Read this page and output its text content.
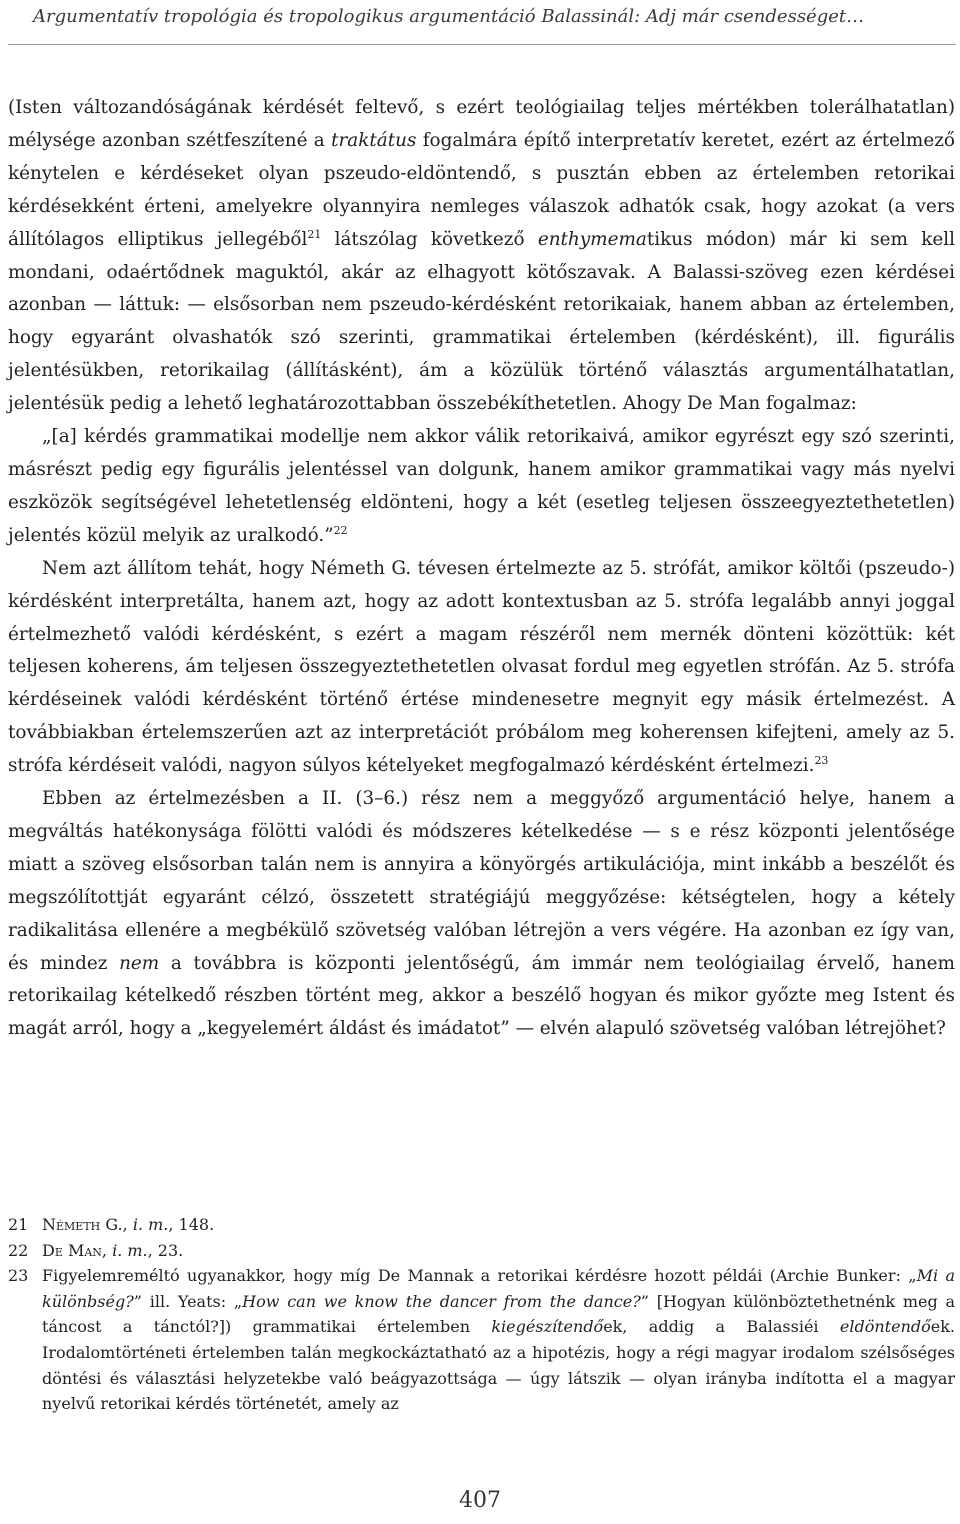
Argumentatív tropológia és tropologikus argumentáció Balassinál: Adj már csendességet…

(Isten változandóságának kérdését feltevő, s ezért teológiailag teljes mértékben tolerálhatatlan) mélysége azonban szétfeszítené a traktátus fogalmára építő interpretatív keretet, ezért az értelmező kénytelen e kérdéseket olyan pszeudo-eldöntendő, s pusztán ebben az értelemben retorikai kérdésekként érteni, amelyekre olyannyira nemleges válaszok adhatók csak, hogy azokat (a vers állítólagos elliptikus jellegéből$^{21}$ látszólag következő enthymematikus módon) már ki sem kell mondani, odaértődnek maguktól, akár az elhagyott kötőszavak. A Balassi-szöveg ezen kérdései azonban — láttuk: — elsősorban nem pszeudo-kérdésként retorikaiak, hanem abban az értelemben, hogy egyaránt olvashatók szó szerinti, grammatikai értelemben (kérdésként), ill. figurális jelentésükben, retorikailag (állításként), ám a közülük történő választás argumentálhatatlan, jelentésük pedig a lehető leghatározottabban összebékíthetetlen. Ahogy De Man fogalmaz:

„[a] kérdés grammatikai modellje nem akkor válik retorikaivá, amikor egyrészt egy szó szerinti, másrészt pedig egy figurális jelentéssel van dolgunk, hanem amikor grammatikai vagy más nyelvi eszközök segítségével lehetetlenség eldönteni, hogy a két (esetleg teljesen összeegyeztethetetlen) jelentés közül melyik az uralkodó.”$^{22}$

Nem azt állítom tehát, hogy Németh G. tévesen értelmezte az 5. strófát, amikor költői (pszeudo-) kérdésként interpretálta, hanem azt, hogy az adott kontextusban az 5. strófa legalább annyi joggal értelmezhető valódi kérdésként, s ezért a magam részéről nem mernék dönteni közöttük: két teljesen koherens, ám teljesen összegyeztethetetlen olvasat fordul meg egyetlen strófán. Az 5. strófa kérdéseinek valódi kérdésként történő értése mindenesetre megnyit egy másik értelmezést. A továbbiakban értelemszerűen azt az interpretációt próbálom meg koherensen kifejteni, amely az 5. strófa kérdéseit valódi, nagyon súlyos kételyeket megfogalmazó kérdésként értelmezi.$^{23}$

Ebben az értelmezésben a II. (3–6.) rész nem a meggyőző argumentáció helye, hanem a megváltás hatékonysága fölötti valódi és módszeres kételkedése — s e rész központi jelentősége miatt a szöveg elsősorban talán nem is annyira a könyörgés artikulációja, mint inkább a beszélőt és megszólítottját egyaránt célzó, összetett stratégiájú meggyőzése: kétségtelen, hogy a kétely radikalitása ellenére a megbékülő szövetség valóban létrejön a vers végére. Ha azonban ez így van, és mindez nem a továbbra is központi jelentőségű, ám immár nem teológiailag érvelő, hanem retorikailag kételkedő részben történt meg, akkor a beszélő hogyan és mikor győzte meg Istent és magát arról, hogy a „kegyelemért áldást és imádatot” — elvén alapuló szövetség valóban létrejöhet?

21 Németh G., i. m., 148.
22 De Man, i. m., 23.
23 Figyelemreméltó ugyanakkor, hogy míg De Mannak a retorikai kérdésre hozott példái (Archie Bunker: „Mi a különbség?” ill. Yeats: „How can we know the dancer from the dance?” [Hogyan különböztethetnénk meg a táncost a tánctól?]) grammatikai értelemben kiegészítendőek, addig a Balassiéi eldöntendőek. Irodalomtörténeti értelemben talán megkockáztatható az a hipotézis, hogy a régi magyar irodalom szélsőséges döntési és választási helyzetekbe való beágyazottsága — úgy látszik — olyan irányba indította el a magyar nyelvű retorikai kérdés történetét, amely az
407
